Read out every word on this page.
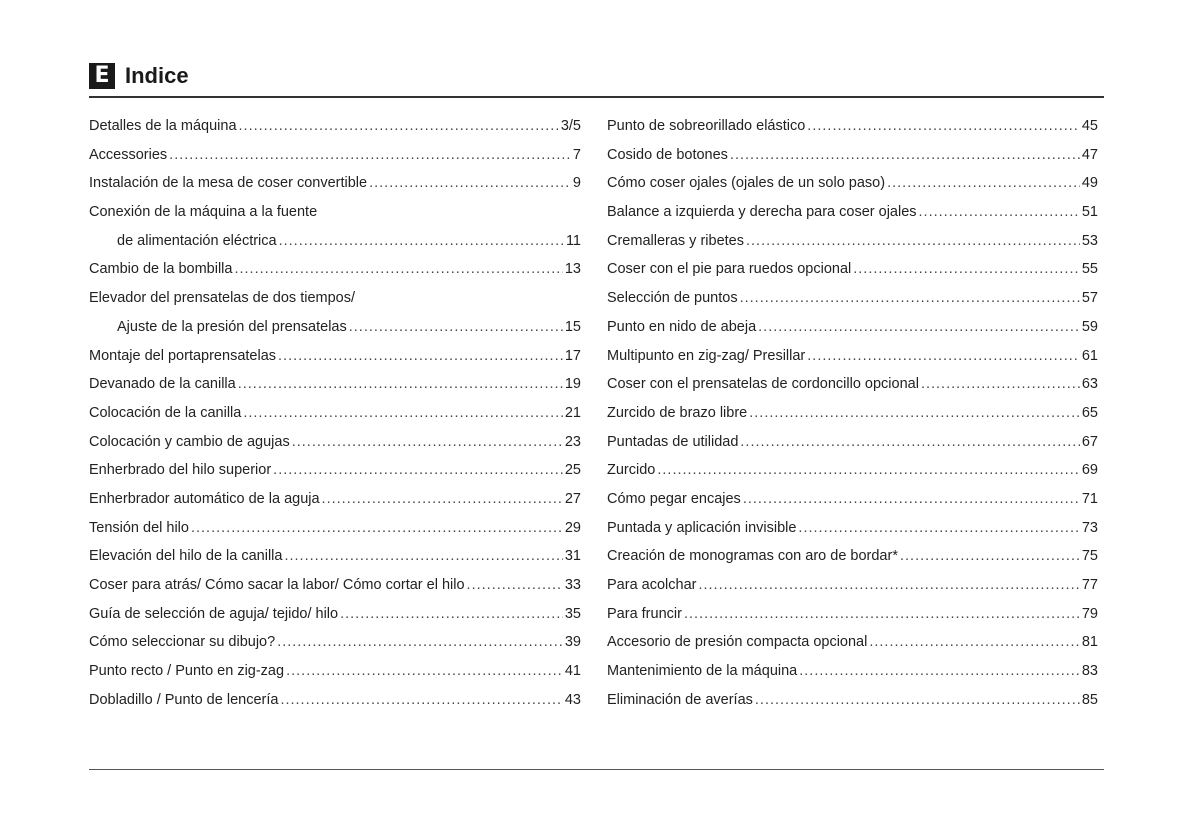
E Indice
Detalles de la máquina .....	3/5
Accessories .....	7
Instalación de la mesa de coser convertible .....	9
Conexión de la máquina a la fuente
de alimentación eléctrica .....	11
Cambio de la bombilla .....	13
Elevador del prensatelas de dos tiempos/
Ajuste de la presión del prensatelas .....	15
Montaje del portaprensatelas .....	17
Devanado de la canilla .....	19
Colocación de la canilla .....	21
Colocación y cambio de agujas .....	23
Enherbrado del hilo superior .....	25
Enherbrador automático de la aguja .....	27
Tensión del hilo .....	29
Elevación del hilo de la canilla .....	31
Coser para atrás/ Cómo sacar la labor/ Cómo cortar el hilo .....	33
Guía de selección de aguja/ tejido/ hilo .....	35
Cómo seleccionar su dibujo? .....	39
Punto recto / Punto en zig-zag .....	41
Dobladillo / Punto de lencería .....	43
Punto de sobreorillado elástico .....	45
Cosido de botones .....	47
Cómo coser ojales (ojales de un solo paso) .....	49
Balance a izquierda y derecha para coser ojales .....	51
Cremalleras y ribetes .....	53
Coser con el pie para ruedos opcional .....	55
Selección de puntos .....	57
Punto en nido de abeja .....	59
Multipunto en zig-zag/ Presillar .....	61
Coser con el prensatelas de cordoncillo opcional .....	63
Zurcido de brazo libre .....	65
Puntadas de utilidad .....	67
Zurcido .....	69
Cómo pegar encajes .....	71
Puntada y aplicación invisible .....	73
Creación de monogramas con aro de bordar* .....	75
Para acolchar .....	77
Para fruncir .....	79
Accesorio de presión compacta opcional .....	81
Mantenimiento de la máquina .....	83
Eliminación de averías .....	85
